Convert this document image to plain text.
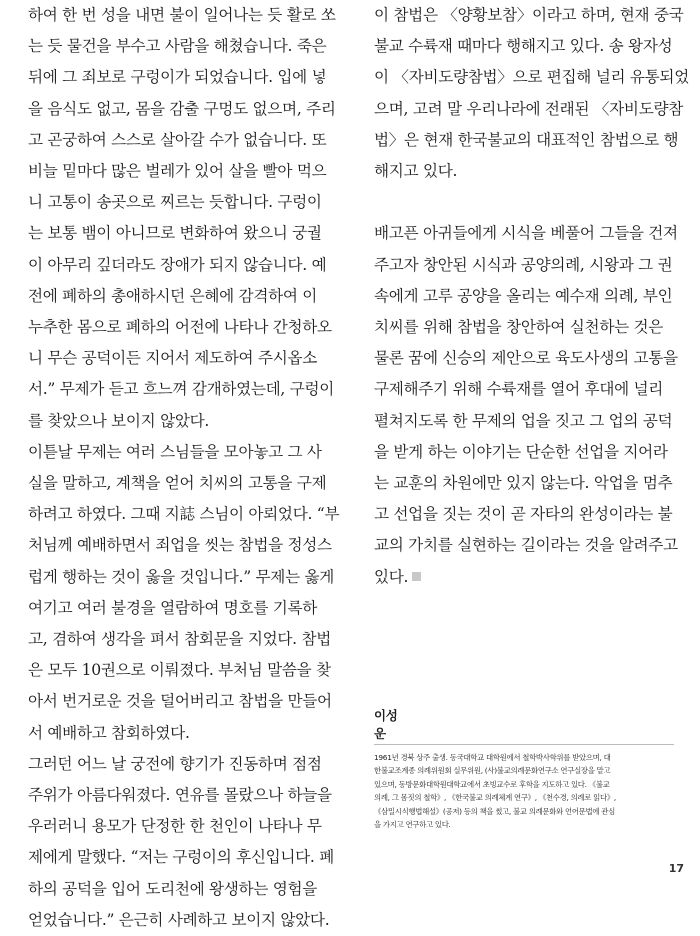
하여 한 번 성을 내면 불이 일어나는 듯 활로 쏘

는 듯 물건을 부수고 사람을 해쳤습니다. 죽은

뒤에 그 죄보로 구렁이가 되었습니다. 입에 넣

을 음식도 없고, 몸을 감출 구멍도 없으며, 주리

고 곤궁하여 스스로 살아갈 수가 없습니다. 또

비늘 밑마다 많은 벌레가 있어 살을 빨아 먹으

니 고통이 송곳으로 찌르는 듯합니다. 구렁이

는 보통 뱀이 아니므로 변화하여 왔으니 궁궐

이 아무리 깊더라도 장애가 되지 않습니다. 예

전에 폐하의 총애하시던 은혜에 감격하여 이

누추한 몸으로 폐하의 어전에 나타나 간청하오

니 무슨 공덕이든 지어서 제도하여 주시옵소

서.” 무제가 듣고 흐느껴 감개하였는데, 구렁이

를 찾았으나 보이지 않았다.

이튿날 무제는 여러 스님들을 모아놓고 그 사

실을 말하고, 계책을 얻어 치씨의 고통을 구제

하려고 하였다. 그때 지誌 스님이 아뢰었다. “부

처님께 예배하면서 죄업을 씻는 참법을 정성스

럽게 행하는 것이 옳을 것입니다.” 무제는 옳게

여기고 여러 불경을 열람하여 명호를 기록하

고, 겸하여 생각을 펴서 참회문을 지었다. 참법

은 모두 10권으로 이뤄졌다. 부처님 말씀을 찾

아서 번거로운 것을 덜어버리고 참법을 만들어

서 예배하고 참회하였다.

그러던 어느 날 궁전에 향기가 진동하며 점점

주위가 아름다워졌다. 연유를 몰랐으나 하늘을

우러러니 용모가 단정한 한 천인이 나타나 무

제에게 말했다. “저는 구렁이의 후신입니다. 폐

하의 공덕을 입어 도리천에 왕생하는 영험을

얻었습니다.” 은근히 사례하고 보이지 않았다.

이 참법은 〈양황보참〉이라고 하며, 현재 중국

불교 수륙재 때마다 행해지고 있다. 송 왕자성

이 〈자비도량참법〉으로 편집해 널리 유통되었

으며, 고려 말 우리나라에 전래된 〈자비도량참

법〉은 현재 한국불교의 대표적인 참법으로 행

해지고 있다.

배고픈 아귀들에게 시식을 베풀어 그들을 건져

주고자 창안된 시식과 공양의례, 시왕과 그 권

속에게 고루 공양을 올리는 예수재 의례, 부인

치씨를 위해 참법을 창안하여 실천하는 것은

물론 꿈에 신승의 제안으로 육도사생의 고통을

구제해주기 위해 수륙재를 열어 후대에 널리

펼쳐지도록 한 무제의 업을 짓고 그 업의 공덕

을 받게 하는 이야기는 단순한 선업을 지어라

는 교훈의 차원에만 있지 않는다. 악업을 멈추

고 선업을 짓는 것이 곧 자타의 완성이라는 불

교의 가치를 실현하는 길이라는 것을 알려주고

있다.

이성운

1961년 경북 상주 출생. 동국대학교 대학원에서 철학박사학위를 받았으며, 대

한불교조계종 의례위원회 실무위원, (사)불교의례문화연구소 연구실장을 맡고

있으며, 동방문화대학원대학교에서 초빙교수로 후학을 지도하고 있다. 《불교

의례, 그 몸짓의 철학》, 《한국불교 의례체계 연구》, 《천수경, 의례로 읽다》,

《삼밀시식행법해설》(공저) 등의 책을 썼고, 불교 의례문화와 언어문법에 관심

을 가지고 연구하고 있다.

17
